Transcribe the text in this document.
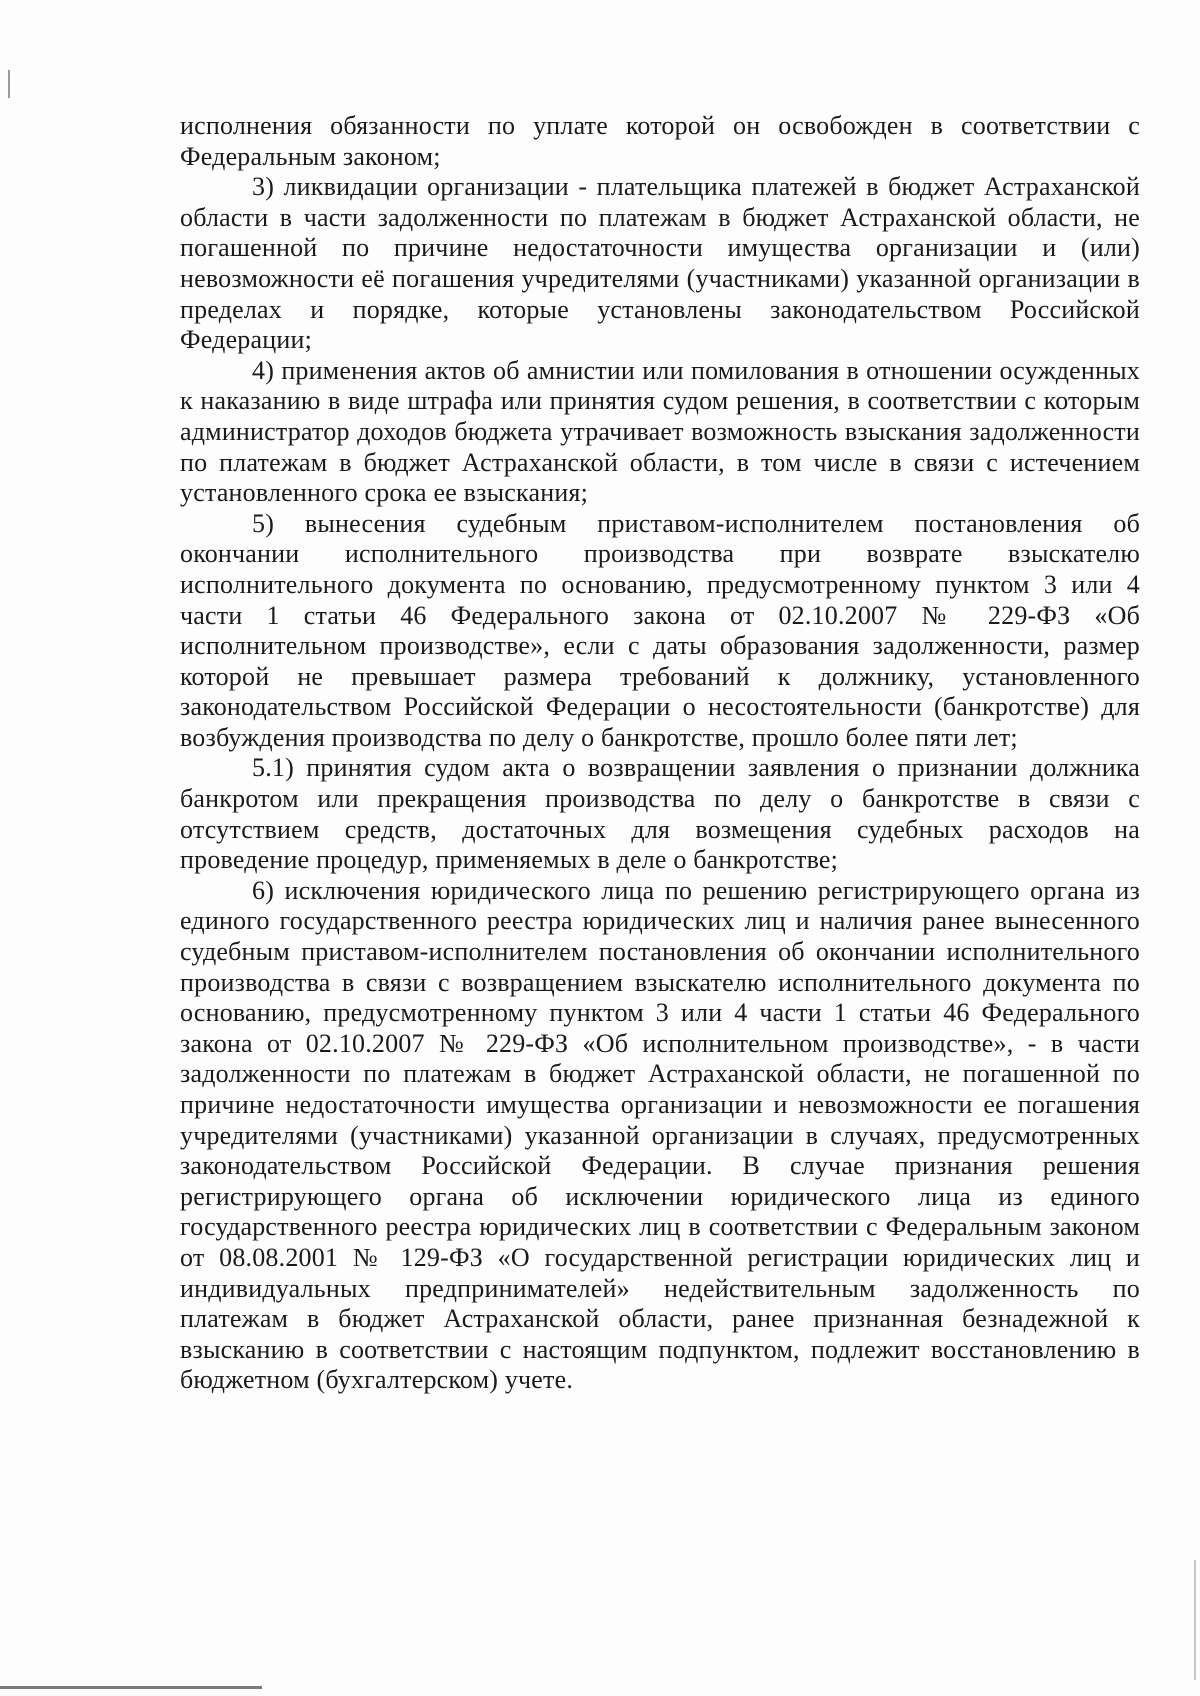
исполнения обязанности по уплате которой он освобожден в соответствии с Федеральным законом;

3) ликвидации организации - плательщика платежей в бюджет Астраханской области в части задолженности по платежам в бюджет Астраханской области, не погашенной по причине недостаточности имущества организации и (или) невозможности её погашения учредителями (участниками) указанной организации в пределах и порядке, которые установлены законодательством Российской Федерации;

4) применения актов об амнистии или помилования в отношении осужденных к наказанию в виде штрафа или принятия судом решения, в соответствии с которым администратор доходов бюджета утрачивает возможность взыскания задолженности по платежам в бюджет Астраханской области, в том числе в связи с истечением установленного срока ее взыскания;

5) вынесения судебным приставом-исполнителем постановления об окончании исполнительного производства при возврате взыскателю исполнительного документа по основанию, предусмотренному пунктом 3 или 4 части 1 статьи 46 Федерального закона от 02.10.2007 № 229-ФЗ «Об исполнительном производстве», если с даты образования задолженности, размер которой не превышает размера требований к должнику, установленного законодательством Российской Федерации о несостоятельности (банкротстве) для возбуждения производства по делу о банкротстве, прошло более пяти лет;

5.1) принятия судом акта о возвращении заявления о признании должника банкротом или прекращения производства по делу о банкротстве в связи с отсутствием средств, достаточных для возмещения судебных расходов на проведение процедур, применяемых в деле о банкротстве;

6) исключения юридического лица по решению регистрирующего органа из единого государственного реестра юридических лиц и наличия ранее вынесенного судебным приставом-исполнителем постановления об окончании исполнительного производства в связи с возвращением взыскателю исполнительного документа по основанию, предусмотренному пунктом 3 или 4 части 1 статьи 46 Федерального закона от 02.10.2007 № 229-ФЗ «Об исполнительном производстве», - в части задолженности по платежам в бюджет Астраханской области, не погашенной по причине недостаточности имущества организации и невозможности ее погашения учредителями (участниками) указанной организации в случаях, предусмотренных законодательством Российской Федерации. В случае признания решения регистрирующего органа об исключении юридического лица из единого государственного реестра юридических лиц в соответствии с Федеральным законом от 08.08.2001 № 129-ФЗ «О государственной регистрации юридических лиц и индивидуальных предпринимателей» недействительным задолженность по платежам в бюджет Астраханской области, ранее признанная безнадежной к взысканию в соответствии с настоящим подпунктом, подлежит восстановлению в бюджетном (бухгалтерском) учете.
